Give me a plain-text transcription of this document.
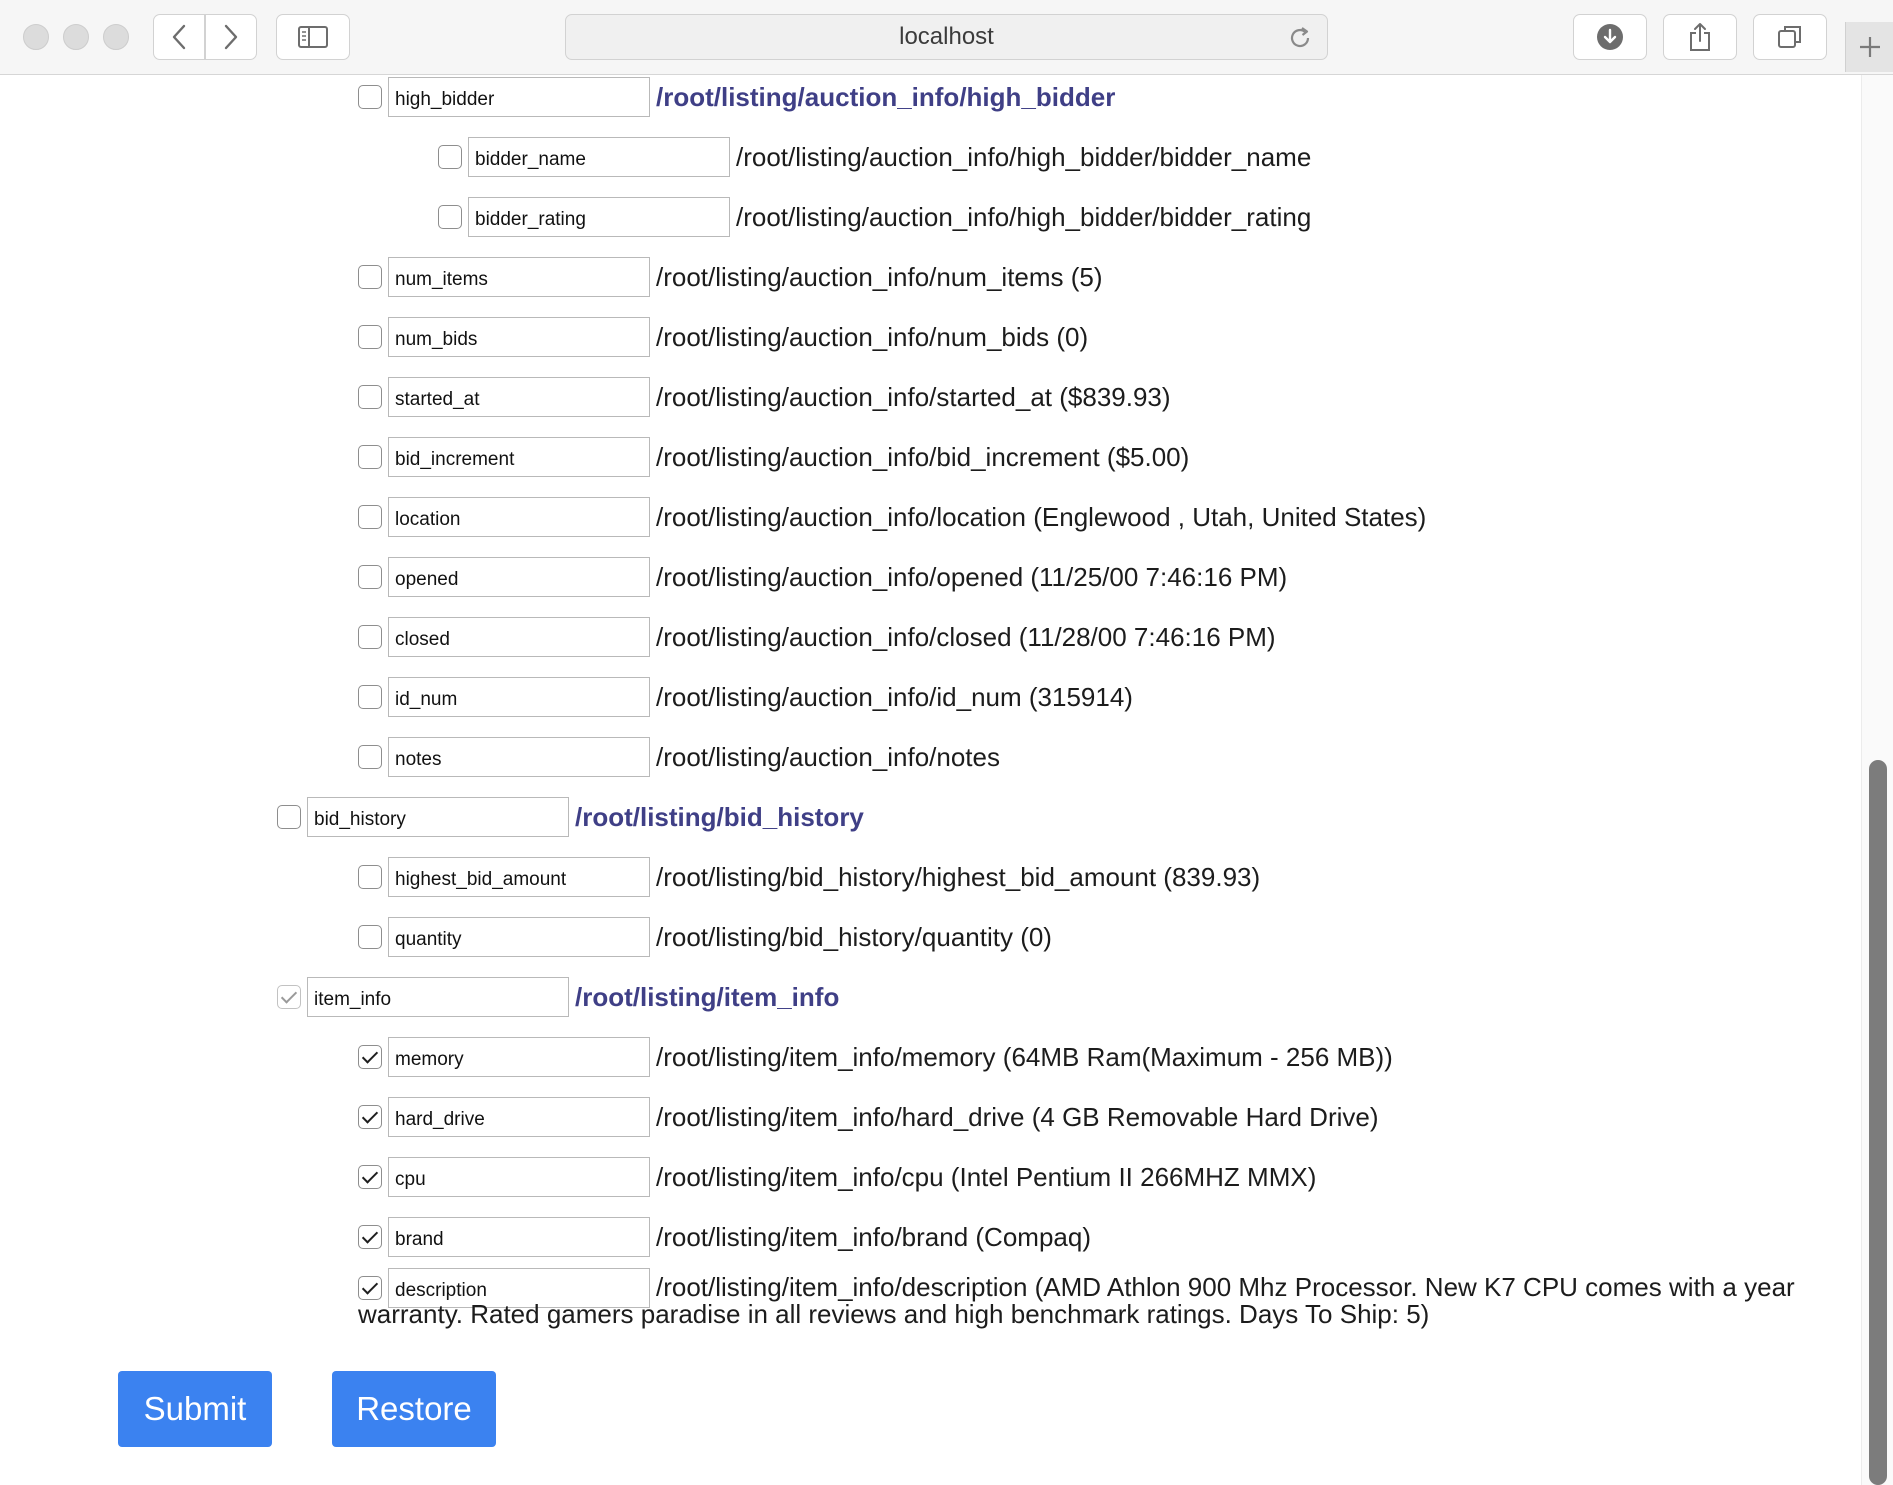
localhost
high_bidder
/root/listing/auction_info/high_bidder
bidder_name
/root/listing/auction_info/high_bidder/bidder_name
bidder_rating
/root/listing/auction_info/high_bidder/bidder_rating
num_items
/root/listing/auction_info/num_items (5)
num_bids
/root/listing/auction_info/num_bids (0)
started_at
/root/listing/auction_info/started_at ($839.93)
bid_increment
/root/listing/auction_info/bid_increment ($5.00)
location
/root/listing/auction_info/location (Englewood , Utah, United States)
opened
/root/listing/auction_info/opened (11/25/00 7:46:16 PM)
closed
/root/listing/auction_info/closed (11/28/00 7:46:16 PM)
id_num
/root/listing/auction_info/id_num (315914)
notes
/root/listing/auction_info/notes
bid_history
/root/listing/bid_history
highest_bid_amount
/root/listing/bid_history/highest_bid_amount (839.93)
quantity
/root/listing/bid_history/quantity (0)
item_info
/root/listing/item_info
memory
/root/listing/item_info/memory (64MB Ram(Maximum - 256 MB))
hard_drive
/root/listing/item_info/hard_drive (4 GB Removable Hard Drive)
cpu
/root/listing/item_info/cpu (Intel Pentium II 266MHZ MMX)
brand
/root/listing/item_info/brand (Compaq)
description
/root/listing/item_info/description (AMD Athlon 900 Mhz Processor. New K7 CPU comes with a year
warranty. Rated gamers paradise in all reviews and high benchmark ratings. Days To Ship: 5)
Submit	Restore
